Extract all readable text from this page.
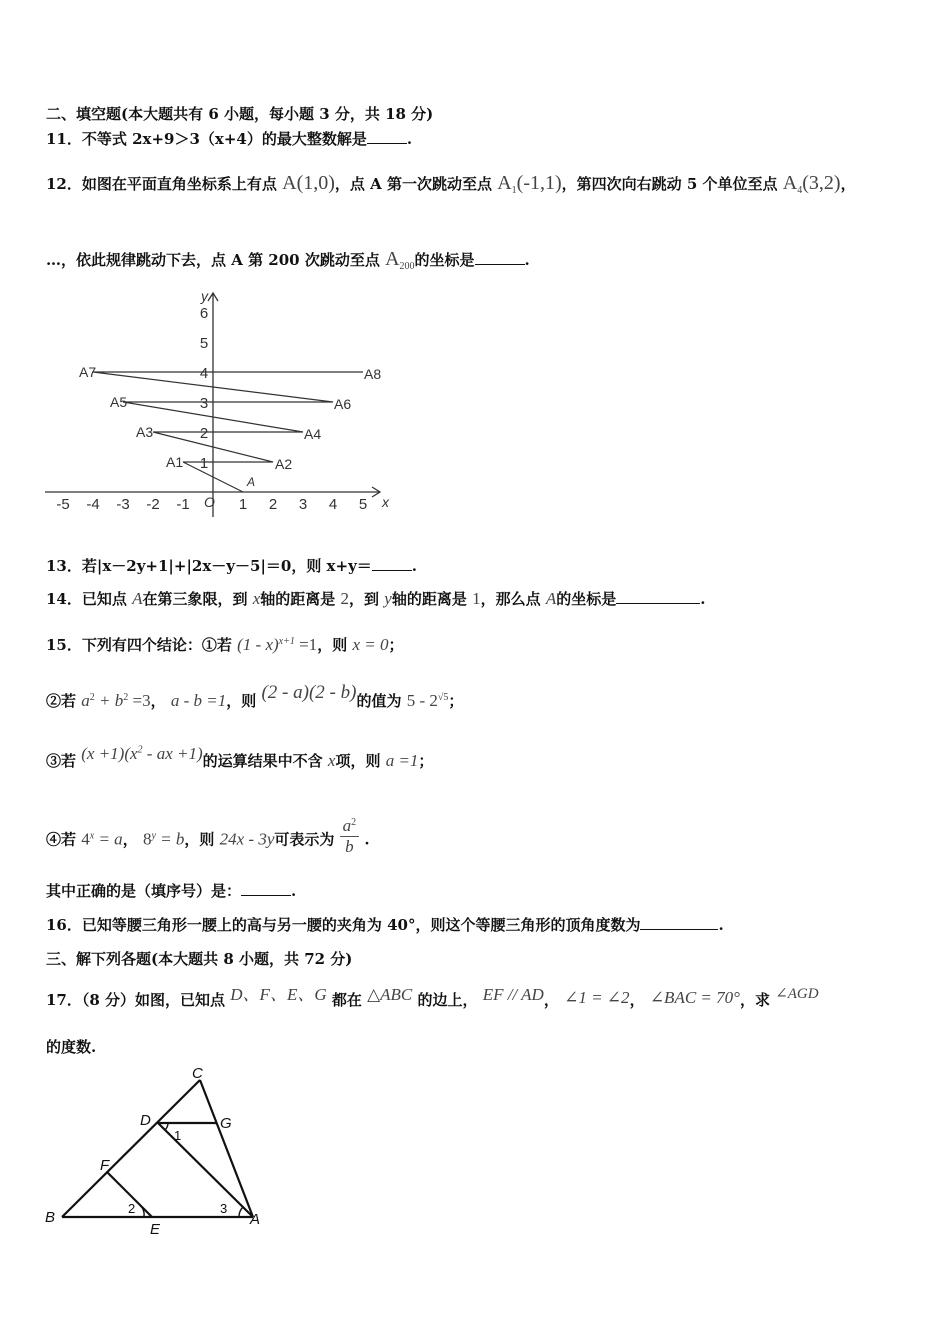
二、填空题(本大题共有 6 小题，每小题 3 分，共 18 分)
11．不等式 2x+9＞3（x+4）的最大整数解是	.
12．如图在平面直角坐标系上有点 A(1,0)，点 A 第一次跳动至点 $A_1(-1,1)$，第四次向右跳动 5 个单位至点 $A_4(3,2)$，
…，依此规律跳动下去，点 A 第 200 次跳动至点 $A_{200}$的坐标是	.
-5 -4 -3 -2 -1	1 2 3 4 5
1
2
3
4
5
6
O	x
y
A
A1	A2
A3	A4
A5	A6
A7	A8
13．若|x－2y+1|+|2x－y－5|＝0，则 x+y＝	.
14．已知点 A在第三象限，到 x轴的距离是 2，到 y轴的距离是 1，那么点 A的坐标是	.
15．下列有四个结论：①若 (1 - x)$^{x+1}$ =1，则 x = 0；
②若 $a^2 + b^2 =3$， a - b =1，则 (2 - a)(2 - b)的值为 $5 - 2^{√5}$；
③若 $(x +1)(x^2$ - ax +1)的运算结果中不含 x项，则 a =1；
④若 $4^x = a$， $8^y = b$，则 24x - 3y可表示为 $\frac{a^2}{b}$ .
其中正确的是（填序号）是：	.
16．已知等腰三角形一腰上的高与另一腰的夹角为 40°，则这个等腰三角形的顶角度数为	.
三、解下列各题(本大题共 8 小题，共 72 分)
17．（8 分）如图，已知点 D、F、E、G 都在 △ABC 的边上， EF // AD， ∠1 = ∠2， ∠BAC = 70°，求 ∠AGD
的度数.
C
D	G
F
B
E
A
1
2	3
